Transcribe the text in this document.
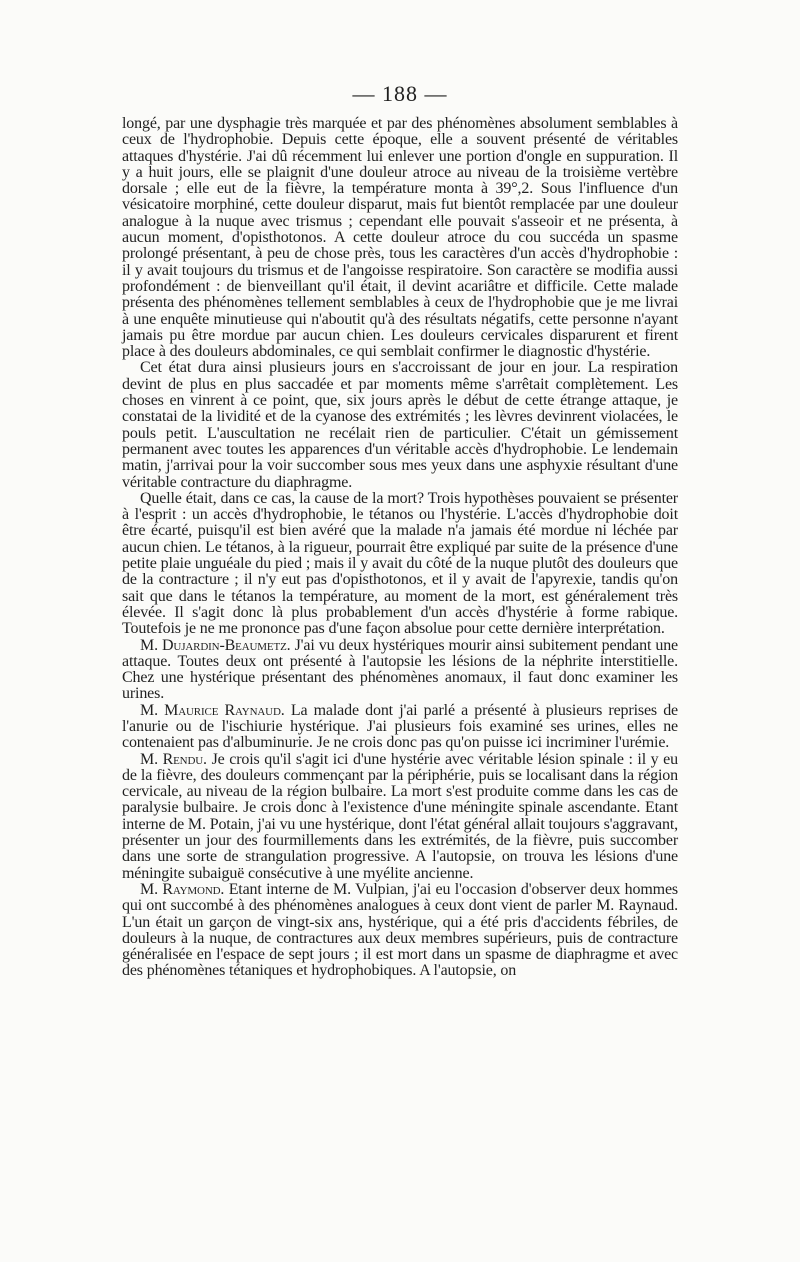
— 188 —

longé, par une dysphagie très marquée et par des phénomènes absolument semblables à ceux de l'hydrophobie. Depuis cette époque, elle a souvent présenté de véritables attaques d'hystérie. J'ai dû récemment lui enlever une portion d'ongle en suppuration. Il y a huit jours, elle se plaignit d'une douleur atroce au niveau de la troisième vertèbre dorsale ; elle eut de la fièvre, la température monta à 39°,2. Sous l'influence d'un vésicatoire morphiné, cette douleur disparut, mais fut bientôt remplacée par une douleur analogue à la nuque avec trismus ; cependant elle pouvait s'asseoir et ne présenta, à aucun moment, d'opisthotonos. A cette douleur atroce du cou succéda un spasme prolongé présentant, à peu de chose près, tous les caractères d'un accès d'hydrophobie : il y avait toujours du trismus et de l'angoisse respiratoire. Son caractère se modifia aussi profondément : de bienveillant qu'il était, il devint acariâtre et difficile. Cette malade présenta des phénomènes tellement semblables à ceux de l'hydrophobie que je me livrai à une enquête minutieuse qui n'aboutit qu'à des résultats négatifs, cette personne n'ayant jamais pu être mordue par aucun chien. Les douleurs cervicales disparurent et firent place à des douleurs abdominales, ce qui semblait confirmer le diagnostic d'hystérie.

Cet état dura ainsi plusieurs jours en s'accroissant de jour en jour. La respiration devint de plus en plus saccadée et par moments même s'arrêtait complètement. Les choses en vinrent à ce point, que, six jours après le début de cette étrange attaque, je constatai de la lividité et de la cyanose des extrémités ; les lèvres devinrent violacées, le pouls petit. L'auscultation ne recélait rien de particulier. C'était un gémissement permanent avec toutes les apparences d'un véritable accès d'hydrophobie. Le lendemain matin, j'arrivai pour la voir succomber sous mes yeux dans une asphyxie résultant d'une véritable contracture du diaphragme.

Quelle était, dans ce cas, la cause de la mort? Trois hypothèses pouvaient se présenter à l'esprit : un accès d'hydrophobie, le tétanos ou l'hystérie. L'accès d'hydrophobie doit être écarté, puisqu'il est bien avéré que la malade n'a jamais été mordue ni léchée par aucun chien. Le tétanos, à la rigueur, pourrait être expliqué par suite de la présence d'une petite plaie unguéale du pied ; mais il y avait du côté de la nuque plutôt des douleurs que de la contracture ; il n'y eut pas d'opisthotonos, et il y avait de l'apyrexie, tandis qu'on sait que dans le tétanos la température, au moment de la mort, est généralement très élevée. Il s'agit donc là plus probablement d'un accès d'hystérie à forme rabique. Toutefois je ne me prononce pas d'une façon absolue pour cette dernière interprétation.

M. Dujardin-Beaumetz. J'ai vu deux hystériques mourir ainsi subitement pendant une attaque. Toutes deux ont présenté à l'autopsie les lésions de la néphrite interstitielle. Chez une hystérique présentant des phénomènes anomaux, il faut donc examiner les urines.

M. Maurice Raynaud. La malade dont j'ai parlé a présenté à plusieurs reprises de l'anurie ou de l'ischiurie hystérique. J'ai plusieurs fois examiné ses urines, elles ne contenaient pas d'albuminurie. Je ne crois donc pas qu'on puisse ici incriminer l'urémie.

M. Rendu. Je crois qu'il s'agit ici d'une hystérie avec véritable lésion spinale : il y eu de la fièvre, des douleurs commençant par la périphérie, puis se localisant dans la région cervicale, au niveau de la région bulbaire. La mort s'est produite comme dans les cas de paralysie bulbaire. Je crois donc à l'existence d'une méningite spinale ascendante. Etant interne de M. Potain, j'ai vu une hystérique, dont l'état général allait toujours s'aggravant, présenter un jour des fourmillements dans les extrémités, de la fièvre, puis succomber dans une sorte de strangulation progressive. A l'autopsie, on trouva les lésions d'une méningite subaiguë consécutive à une myélite ancienne.

M. Raymond. Etant interne de M. Vulpian, j'ai eu l'occasion d'observer deux hommes qui ont succombé à des phénomènes analogues à ceux dont vient de parler M. Raynaud. L'un était un garçon de vingt-six ans, hystérique, qui a été pris d'accidents fébriles, de douleurs à la nuque, de contractures aux deux membres supérieurs, puis de contracture généralisée en l'espace de sept jours ; il est mort dans un spasme de diaphragme et avec des phénomènes tétaniques et hydrophobiques. A l'autopsie, on
